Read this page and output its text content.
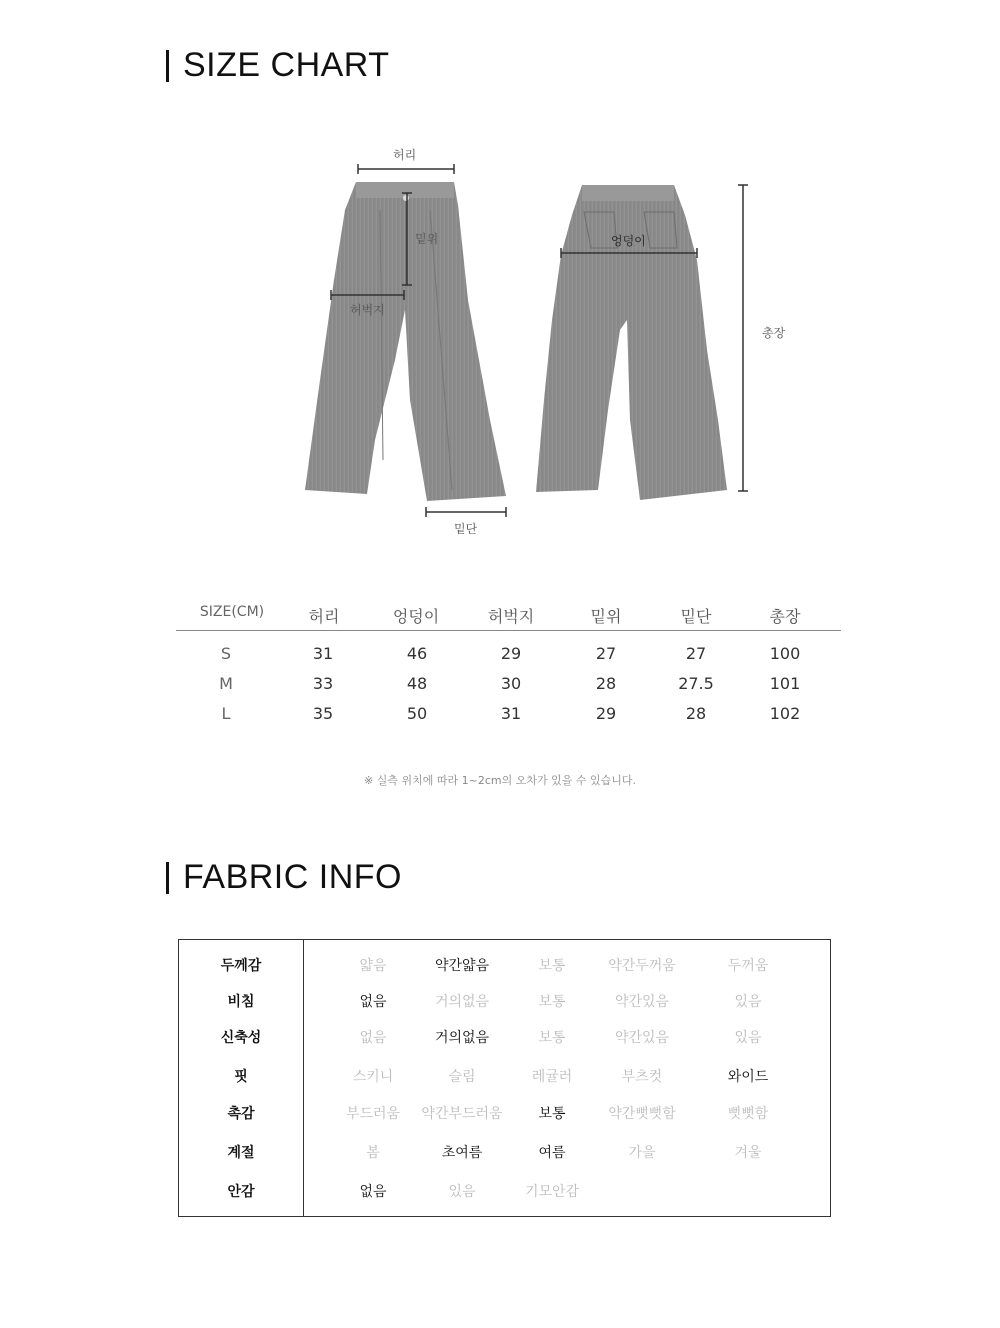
SIZE CHART
허리
밑위
허벅지
엉덩이
총장
밑단
SIZE(CM)	허리	엉덩이	허벅지	밑위	밑단	총장
S	31	46	29	27	27	100
M	33	48	30	28	27.5	101
L	35	50	31	29	28	102
※ 실측 위치에 따라 1~2cm의 오차가 있을 수 있습니다.
FABRIC INFO
두께감	얇음	약간얇음	보통	약간두꺼움	두꺼움
비침	없음	거의없음	보통	약간있음	있음
신축성	없음	거의없음	보통	약간있음	있음
핏	스키니	슬림	레귤러	부츠컷	와이드
촉감	부드러움	약간부드러움	보통	약간뻣뻣함	뻣뻣함
계절	봄	초여름	여름	가을	겨울
안감	없음	있음	기모안감
